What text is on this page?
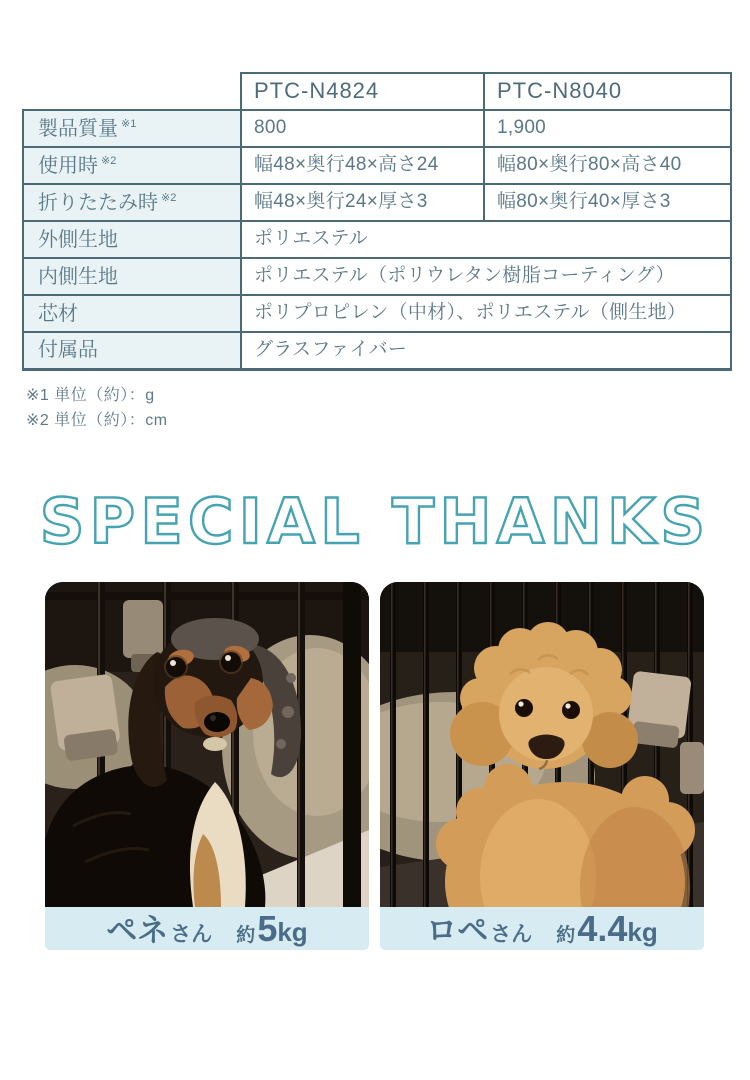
	PTC-N4824	PTC-N8040
製品質量 $^{※1}$	800	1,900
使用時 $^{※2}$	幅48×奥行48×高さ24	幅80×奥行80×高さ40
折りたたみ時 $^{※2}$	幅48×奥行24×厚さ3	幅80×奥行40×厚さ3
外側生地	ポリエステル	
内側生地	ポリエステル（ポリウレタン樹脂コーティング）	
芯材	ポリプロピレン（中材）、ポリエステル（側生地）	
付属品	グラスファイバー	
※1 単位（約）：g
※2 単位（約）：cm
SPECIAL THANKS
ペネさん 約5kg	ロペさん 約4.4kg
